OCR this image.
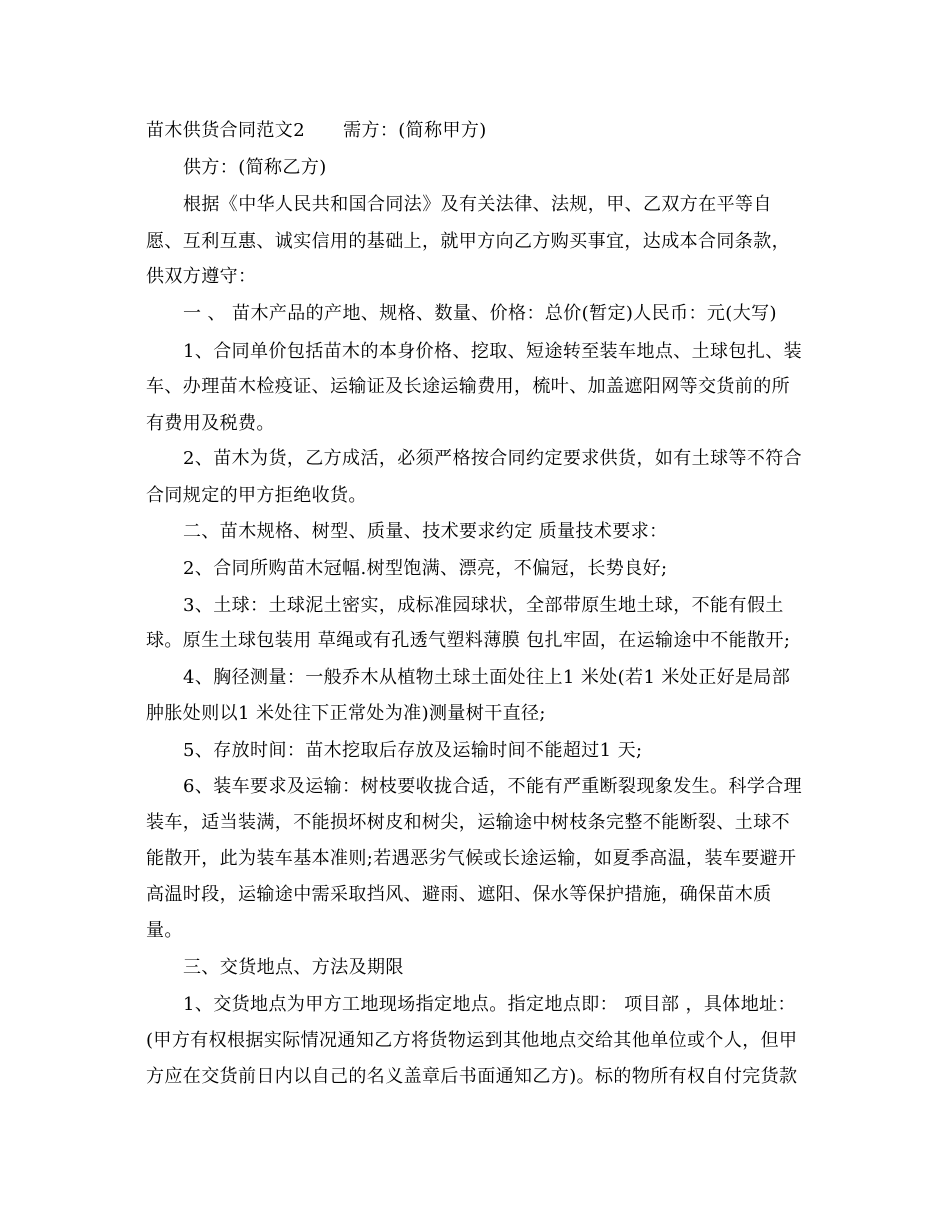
苗木供货合同范文2 需方：(简称甲方)
供方：(简称乙方)
根据《中华人民共和国合同法》及有关法律、法规，甲、乙双方在平等自
愿、互利互惠、诚实信用的基础上，就甲方向乙方购买事宜，达成本合同条款，
供双方遵守：
一 、 苗木产品的产地、规格、数量、价格：总价(暂定)人民币：元(大写)
1、合同单价包括苗木的本身价格、挖取、短途转至装车地点、土球包扎、装
车、办理苗木检疫证、运输证及长途运输费用，梳叶、加盖遮阳网等交货前的所
有费用及税费。
2、苗木为货，乙方成活，必须严格按合同约定要求供货，如有土球等不符合
合同规定的甲方拒绝收货。
二、苗木规格、树型、质量、技术要求约定 质量技术要求：
2、合同所购苗木冠幅.树型饱满、漂亮，不偏冠，长势良好;
3、土球：土球泥土密实，成标准园球状，全部带原生地土球，不能有假土
球。原生土球包装用 草绳或有孔透气塑料薄膜 包扎牢固，在运输途中不能散开;
4、胸径测量：一般乔木从植物土球土面处往上1 米处(若1 米处正好是局部
肿胀处则以1 米处往下正常处为准)测量树干直径;
5、存放时间：苗木挖取后存放及运输时间不能超过1 天;
6、装车要求及运输：树枝要收拢合适，不能有严重断裂现象发生。科学合理
装车，适当装满，不能损坏树皮和树尖，运输途中树枝条完整不能断裂、土球不
能散开，此为装车基本准则;若遇恶劣气候或长途运输，如夏季高温，装车要避开
高温时段，运输途中需采取挡风、避雨、遮阳、保水等保护措施，确保苗木质
量。
三、交货地点、方法及期限
1、交货地点为甲方工地现场指定地点。指定地点即： 项目部 ，具体地址：
(甲方有权根据实际情况通知乙方将货物运到其他地点交给其他单位或个人，但甲
方应在交货前日内以自己的名义盖章后书面通知乙方)。标的物所有权自付完货款
